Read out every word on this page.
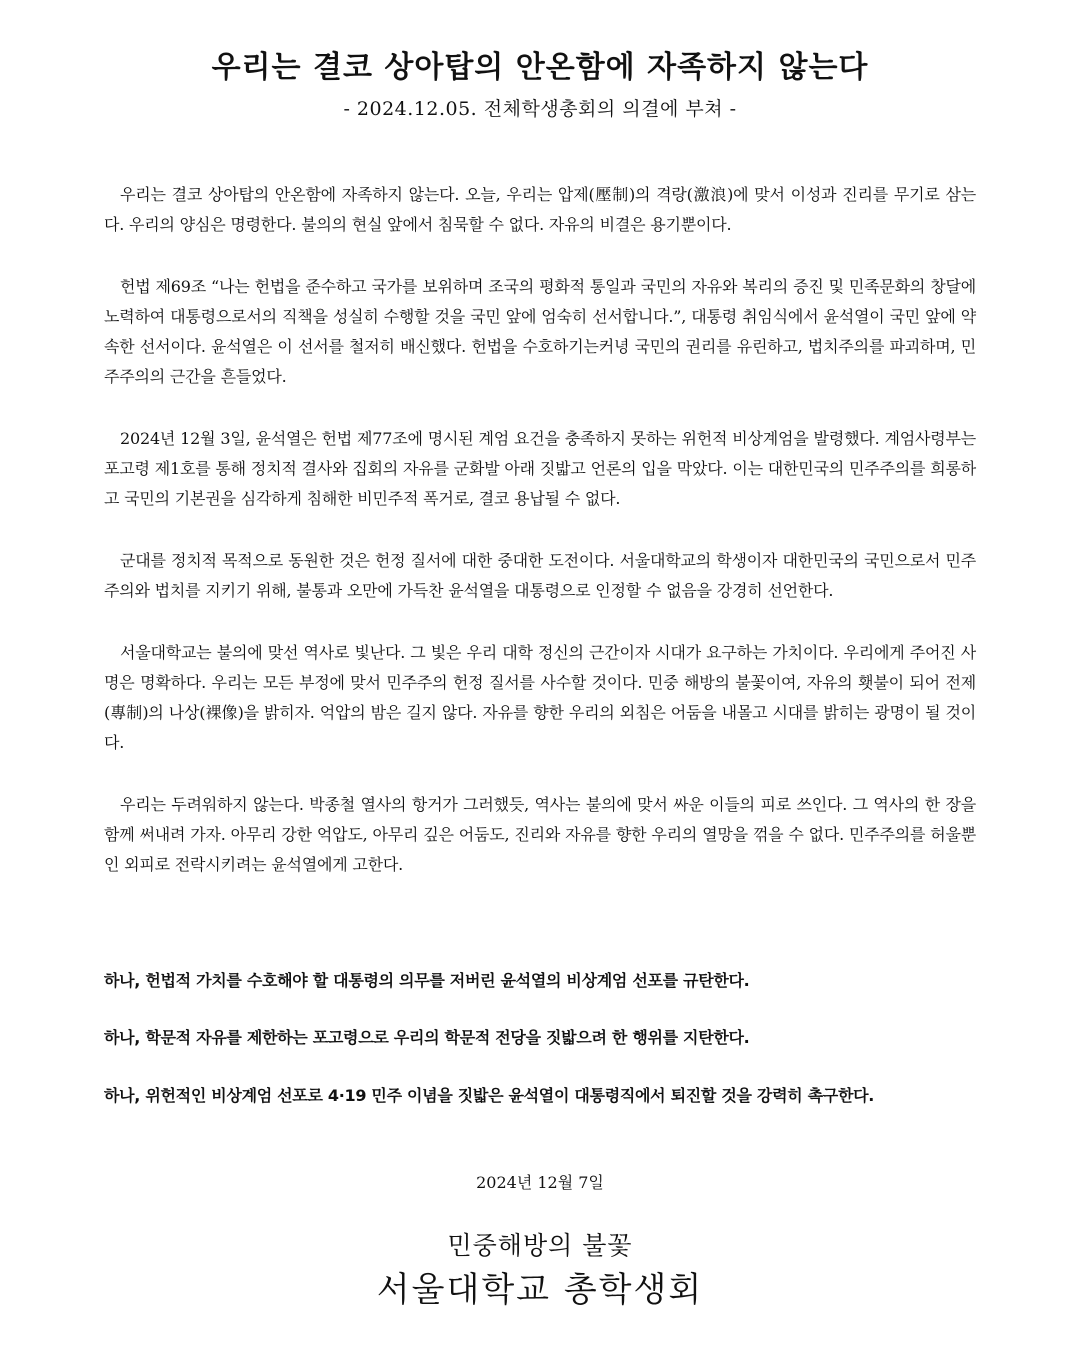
우리는 결코 상아탑의 안온함에 자족하지 않는다
- 2024.12.05. 전체학생총회의 의결에 부쳐 -

우리는 결코 상아탑의 안온함에 자족하지 않는다. 오늘, 우리는 압제(壓制)의 격랑(激浪)에 맞서 이성과 진리를 무기로 삼는다. 우리의 양심은 명령한다. 불의의 현실 앞에서 침묵할 수 없다. 자유의 비결은 용기뿐이다.

헌법 제69조 “나는 헌법을 준수하고 국가를 보위하며 조국의 평화적 통일과 국민의 자유와 복리의 증진 및 민족문화의 창달에 노력하여 대통령으로서의 직책을 성실히 수행할 것을 국민 앞에 엄숙히 선서합니다.”, 대통령 취임식에서 윤석열이 국민 앞에 약속한 선서이다. 윤석열은 이 선서를 철저히 배신했다. 헌법을 수호하기는커녕 국민의 권리를 유린하고, 법치주의를 파괴하며, 민주주의의 근간을 흔들었다.

2024년 12월 3일, 윤석열은 헌법 제77조에 명시된 계엄 요건을 충족하지 못하는 위헌적 비상계엄을 발령했다. 계엄사령부는 포고령 제1호를 통해 정치적 결사와 집회의 자유를 군화발 아래 짓밟고 언론의 입을 막았다. 이는 대한민국의 민주주의를 희롱하고 국민의 기본권을 심각하게 침해한 비민주적 폭거로, 결코 용납될 수 없다.

군대를 정치적 목적으로 동원한 것은 헌정 질서에 대한 중대한 도전이다. 서울대학교의 학생이자 대한민국의 국민으로서 민주주의와 법치를 지키기 위해, 불통과 오만에 가득찬 윤석열을 대통령으로 인정할 수 없음을 강경히 선언한다.

서울대학교는 불의에 맞선 역사로 빛난다. 그 빛은 우리 대학 정신의 근간이자 시대가 요구하는 가치이다. 우리에게 주어진 사명은 명확하다. 우리는 모든 부정에 맞서 민주주의 헌정 질서를 사수할 것이다. 민중 해방의 불꽃이여, 자유의 횃불이 되어 전제(專制)의 나상(裸像)을 밝히자. 억압의 밤은 길지 않다. 자유를 향한 우리의 외침은 어둠을 내몰고 시대를 밝히는 광명이 될 것이다.

우리는 두려워하지 않는다. 박종철 열사의 항거가 그러했듯, 역사는 불의에 맞서 싸운 이들의 피로 쓰인다. 그 역사의 한 장을 함께 써내려 가자. 아무리 강한 억압도, 아무리 깊은 어둠도, 진리와 자유를 향한 우리의 열망을 꺾을 수 없다. 민주주의를 허울뿐인 외피로 전락시키려는 윤석열에게 고한다.

하나, 헌법적 가치를 수호해야 할 대통령의 의무를 저버린 윤석열의 비상계엄 선포를 규탄한다.

하나, 학문적 자유를 제한하는 포고령으로 우리의 학문적 전당을 짓밟으려 한 행위를 지탄한다.

하나, 위헌적인 비상계엄 선포로 4·19 민주 이념을 짓밟은 윤석열이 대통령직에서 퇴진할 것을 강력히 촉구한다.

2024년 12월 7일
민중해방의 불꽃
서울대학교 총학생회
